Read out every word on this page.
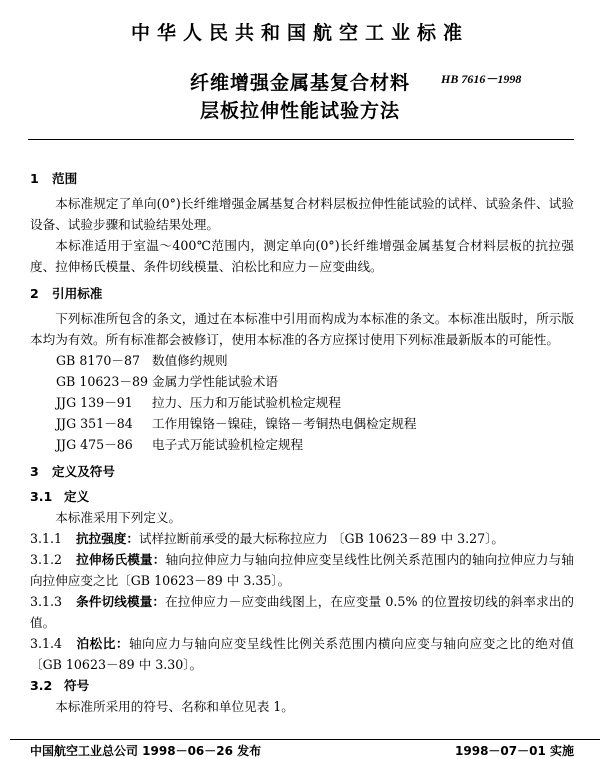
中华人民共和国航空工业标准
纤维增强金属基复合材料
层板拉伸性能试验方法
HB 7616－1998
1 范围
本标准规定了单向(0°)长纤维增强金属基复合材料层板拉伸性能试验的试样、试验条件、试验设备、试验步骤和试验结果处理。
本标准适用于室温～400℃范围内，测定单向(0°)长纤维增强金属基复合材料层板的抗拉强度、拉伸杨氏模量、条件切线模量、泊松比和应力－应变曲线。
2 引用标准
下列标准所包含的条文，通过在本标准中引用而构成为本标准的条文。本标准出版时，所示版本均为有效。所有标准都会被修订，使用本标准的各方应探讨使用下列标准最新版本的可能性。
GB 8170－87 数值修约规则
GB 10623－89 金属力学性能试验术语
JJG 139－91 拉力、压力和万能试验机检定规程
JJG 351－84 工作用镍铬－镍硅，镍铬－考铜热电偶检定规程
JJG 475－86 电子式万能试验机检定规程
3 定义及符号
3.1 定义
本标准采用下列定义。
3.1.1 抗拉强度：试样拉断前承受的最大标称拉应力 〔GB 10623－89 中 3.27〕。
3.1.2 拉伸杨氏模量：轴向拉伸应力与轴向拉伸应变呈线性比例关系范围内的轴向拉伸应力与轴向拉伸应变之比〔GB 10623－89 中 3.35〕。
3.1.3 条件切线模量：在拉伸应力－应变曲线图上，在应变量 0.5% 的位置按切线的斜率求出的值。
3.1.4 泊松比：轴向应力与轴向应变呈线性比例关系范围内横向应变与轴向应变之比的绝对值〔GB 10623－89 中 3.30〕。
3.2 符号
本标准所采用的符号、名称和单位见表 1。
中国航空工业总公司 1998－06－26 发布	1998－07－01 实施
